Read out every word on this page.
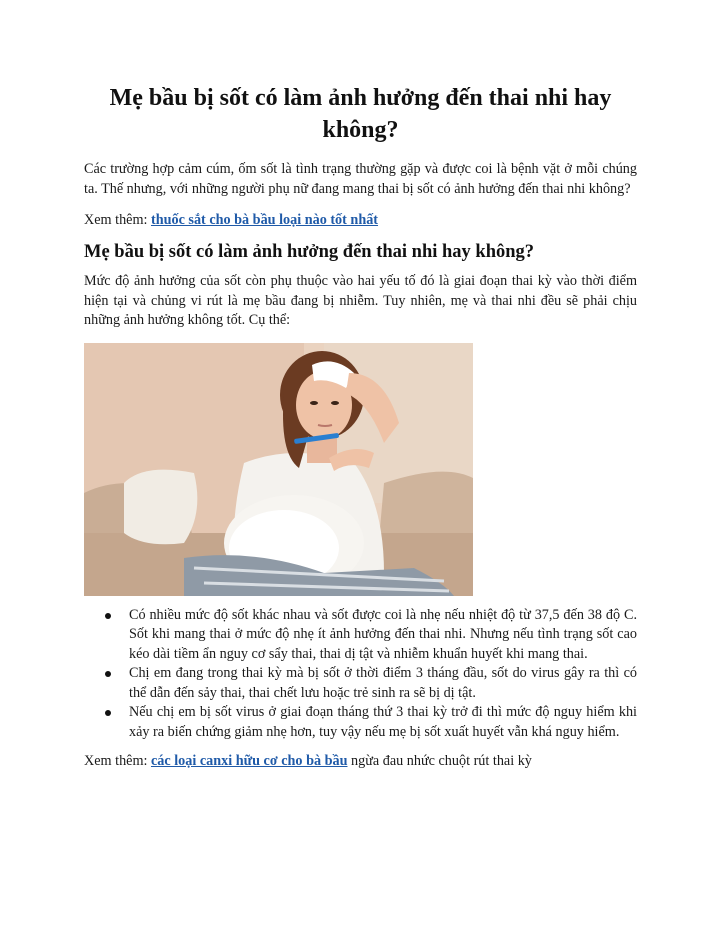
Mẹ bầu bị sốt có làm ảnh hưởng đến thai nhi hay không?

Các trường hợp cảm cúm, ốm sốt là tình trạng thường gặp và được coi là bệnh vặt ở mỗi chúng ta. Thế nhưng, với những người phụ nữ đang mang thai bị sốt có ảnh hưởng đến thai nhi không?

Xem thêm: thuốc sắt cho bà bầu loại nào tốt nhất

Mẹ bầu bị sốt có làm ảnh hưởng đến thai nhi hay không?

Mức độ ảnh hưởng của sốt còn phụ thuộc vào hai yếu tố đó là giai đoạn thai kỳ vào thời điểm hiện tại và chủng vi rút là mẹ bầu đang bị nhiễm. Tuy nhiên, mẹ và thai nhi đều sẽ phải chịu những ảnh hưởng không tốt. Cụ thể:

Có nhiều mức độ sốt khác nhau và sốt được coi là nhẹ nếu nhiệt độ từ 37,5 đến 38 độ C. Sốt khi mang thai ở mức độ nhẹ ít ảnh hưởng đến thai nhi. Nhưng nếu tình trạng sốt cao kéo dài tiềm ẩn nguy cơ sẩy thai, thai dị tật và nhiễm khuẩn huyết khi mang thai.
Chị em đang trong thai kỳ mà bị sốt ở thời điểm 3 tháng đầu, sốt do virus gây ra thì có thể dẫn đến sảy thai, thai chết lưu hoặc trẻ sinh ra sẽ bị dị tật.
Nếu chị em bị sốt virus ở giai đoạn tháng thứ 3 thai kỳ trở đi thì mức độ nguy hiểm khi xảy ra biến chứng giảm nhẹ hơn, tuy vậy nếu mẹ bị sốt xuất huyết vẫn khá nguy hiểm.

Xem thêm: các loại canxi hữu cơ cho bà bầu ngừa đau nhức chuột rút thai kỳ
